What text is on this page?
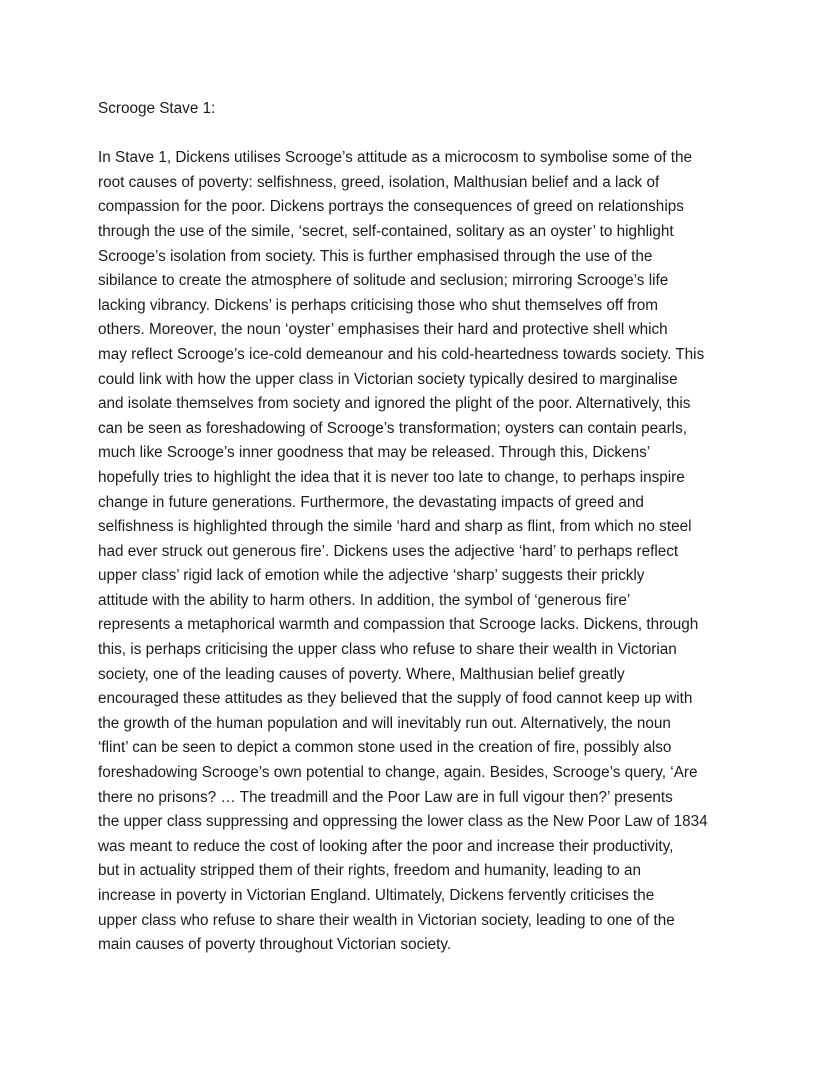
Scrooge Stave 1:
In Stave 1, Dickens utilises Scrooge’s attitude as a microcosm to symbolise some of the
root causes of poverty: selfishness, greed, isolation, Malthusian belief and a lack of
compassion for the poor. Dickens portrays the consequences of greed on relationships
through the use of the simile, ‘secret, self-contained, solitary as an oyster’ to highlight
Scrooge’s isolation from society. This is further emphasised through the use of the
sibilance to create the atmosphere of solitude and seclusion; mirroring Scrooge’s life
lacking vibrancy. Dickens’ is perhaps criticising those who shut themselves off from
others. Moreover, the noun ‘oyster’ emphasises their hard and protective shell which
may reflect Scrooge’s ice-cold demeanour and his cold-heartedness towards society. This
could link with how the upper class in Victorian society typically desired to marginalise
and isolate themselves from society and ignored the plight of the poor. Alternatively, this
can be seen as foreshadowing of Scrooge’s transformation; oysters can contain pearls,
much like Scrooge’s inner goodness that may be released. Through this, Dickens’
hopefully tries to highlight the idea that it is never too late to change, to perhaps inspire
change in future generations. Furthermore, the devastating impacts of greed and
selfishness is highlighted through the simile ‘hard and sharp as flint, from which no steel
had ever struck out generous fire’. Dickens uses the adjective ‘hard’ to perhaps reflect
upper class’ rigid lack of emotion while the adjective ‘sharp’ suggests their prickly
attitude with the ability to harm others. In addition, the symbol of ‘generous fire’
represents a metaphorical warmth and compassion that Scrooge lacks. Dickens, through
this, is perhaps criticising the upper class who refuse to share their wealth in Victorian
society, one of the leading causes of poverty. Where, Malthusian belief greatly
encouraged these attitudes as they believed that the supply of food cannot keep up with
the growth of the human population and will inevitably run out. Alternatively, the noun
‘flint’ can be seen to depict a common stone used in the creation of fire, possibly also
foreshadowing Scrooge’s own potential to change, again. Besides, Scrooge’s query, ‘Are
there no prisons? … The treadmill and the Poor Law are in full vigour then?’ presents
the upper class suppressing and oppressing the lower class as the New Poor Law of 1834
was meant to reduce the cost of looking after the poor and increase their productivity,
but in actuality stripped them of their rights, freedom and humanity, leading to an
increase in poverty in Victorian England. Ultimately, Dickens fervently criticises the
upper class who refuse to share their wealth in Victorian society, leading to one of the
main causes of poverty throughout Victorian society.
